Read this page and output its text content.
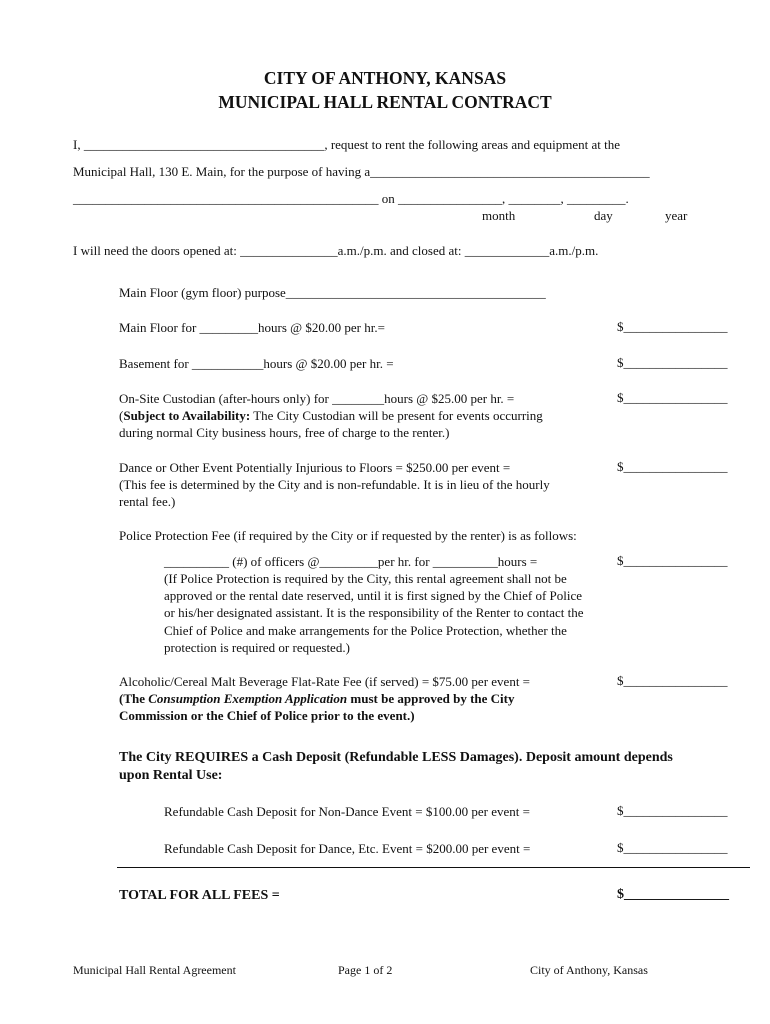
CITY OF ANTHONY, KANSAS
MUNICIPAL HALL RENTAL CONTRACT
I, _____________________________________, request to rent the following areas and equipment at the
Municipal Hall, 130 E. Main, for the purpose of having a___________________________________________
_______________________________________________ on ________________, ________, _________.
month	day	year
I will need the doors opened at: _______________a.m./p.m. and closed at: _____________a.m./p.m.
Main Floor (gym floor) purpose________________________________________
Main Floor for _________hours @ $20.00 per hr.=	$________________
Basement for ___________hours @ $20.00 per hr. =	$________________
On-Site Custodian (after-hours only) for ________hours @ $25.00 per hr. =	$________________
(Subject to Availability: The City Custodian will be present for events occurring
during normal City business hours, free of charge to the renter.)
Dance or Other Event Potentially Injurious to Floors = $250.00 per event =	$________________
(This fee is determined by the City and is non-refundable. It is in lieu of the hourly
rental fee.)
Police Protection Fee (if required by the City or if requested by the renter) is as follows:
__________ (#) of officers @_________per hr. for __________hours =	$________________
(If Police Protection is required by the City, this rental agreement shall not be
approved or the rental date reserved, until it is first signed by the Chief of Police
or his/her designated assistant. It is the responsibility of the Renter to contact the
Chief of Police and make arrangements for the Police Protection, whether the
protection is required or requested.)
Alcoholic/Cereal Malt Beverage Flat-Rate Fee (if served) = $75.00 per event =	$________________
(The Consumption Exemption Application must be approved by the City
Commission or the Chief of Police prior to the event.)
The City REQUIRES a Cash Deposit (Refundable LESS Damages). Deposit amount depends
upon Rental Use:
Refundable Cash Deposit for Non-Dance Event = $100.00 per event =	$________________
Refundable Cash Deposit for Dance, Etc. Event = $200.00 per event =	$________________
TOTAL FOR ALL FEES =	$_______________
Municipal Hall Rental Agreement	Page 1 of 2	City of Anthony, Kansas
